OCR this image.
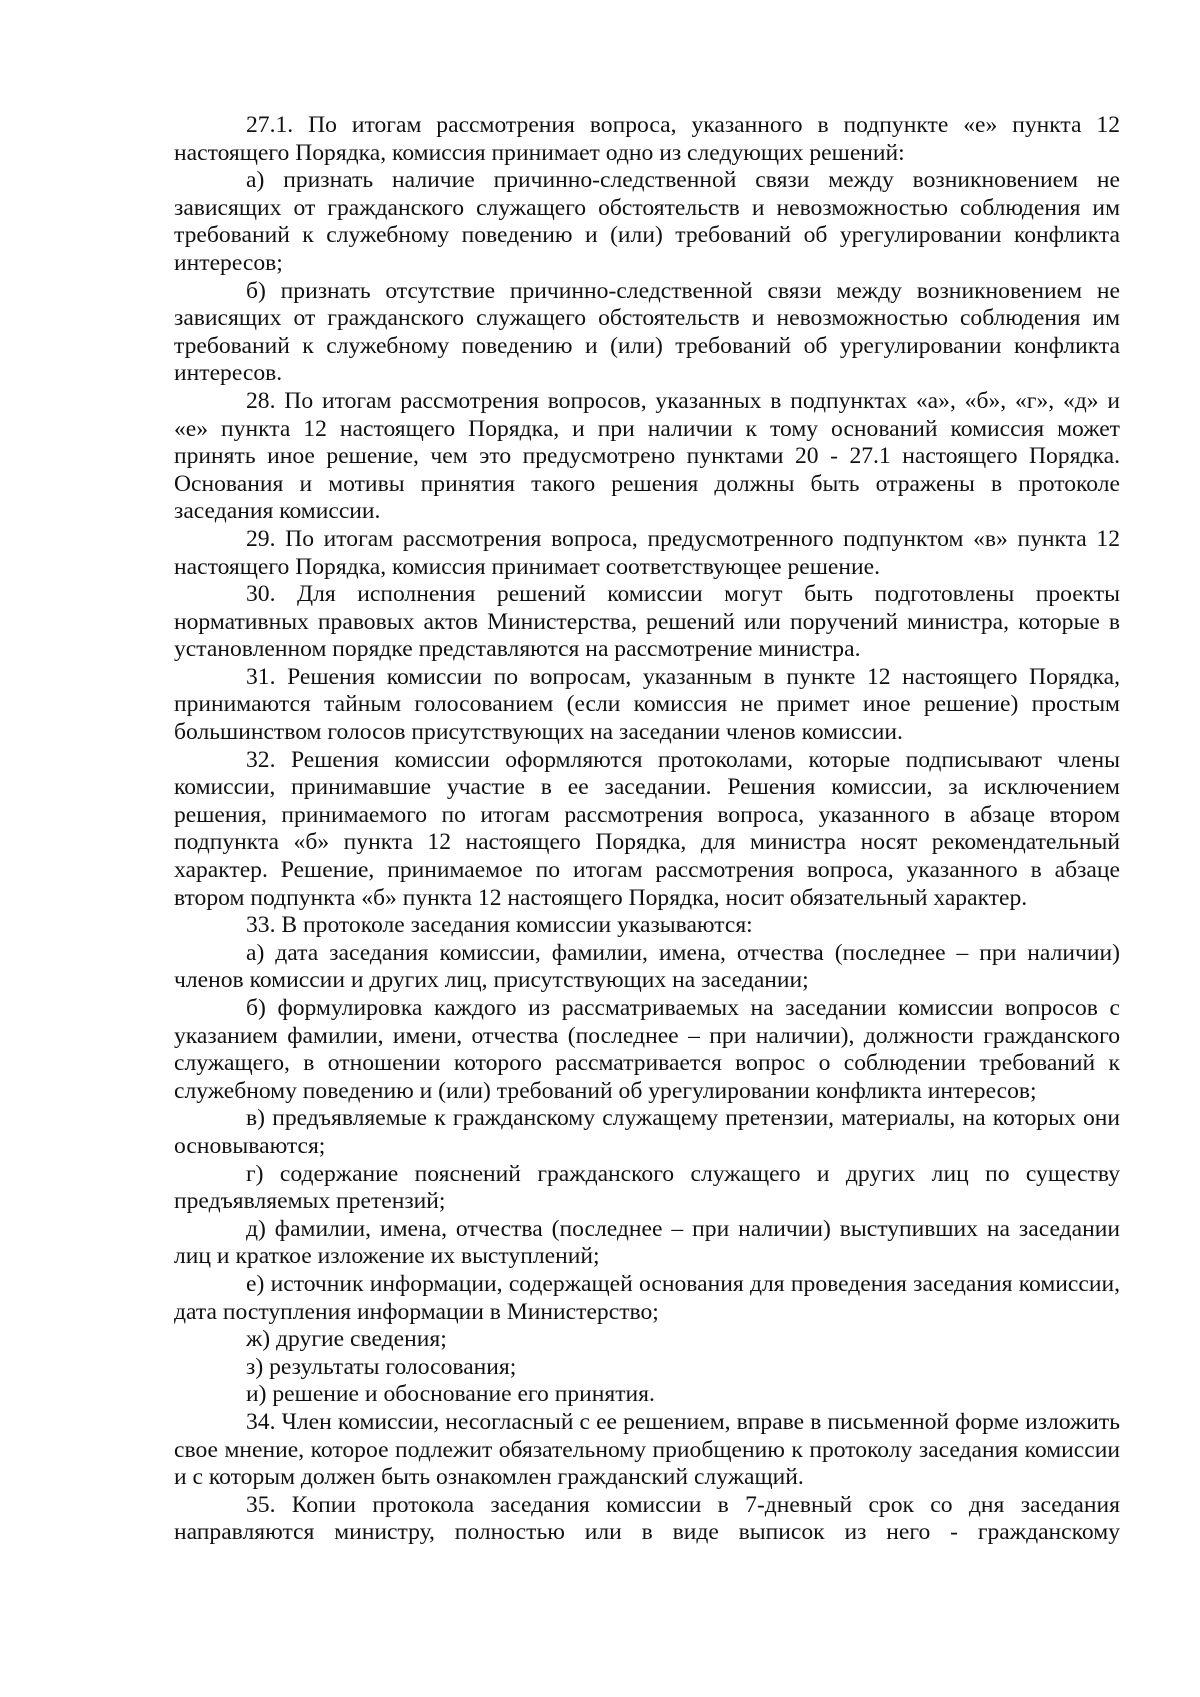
27.1. По итогам рассмотрения вопроса, указанного в подпункте «е» пункта 12 настоящего Порядка, комиссия принимает одно из следующих решений:

а) признать наличие причинно-следственной связи между возникновением не зависящих от гражданского служащего обстоятельств и невозможностью соблюдения им требований к служебному поведению и (или) требований об урегулировании конфликта интересов;

б) признать отсутствие причинно-следственной связи между возникновением не зависящих от гражданского служащего обстоятельств и невозможностью соблюдения им требований к служебному поведению и (или) требований об урегулировании конфликта интересов.

28. По итогам рассмотрения вопросов, указанных в подпунктах «а», «б», «г», «д» и «е» пункта 12 настоящего Порядка, и при наличии к тому оснований комиссия может принять иное решение, чем это предусмотрено пунктами 20 - 27.1 настоящего Порядка. Основания и мотивы принятия такого решения должны быть отражены в протоколе заседания комиссии.

29. По итогам рассмотрения вопроса, предусмотренного подпунктом «в» пункта 12 настоящего Порядка, комиссия принимает соответствующее решение.

30. Для исполнения решений комиссии могут быть подготовлены проекты нормативных правовых актов Министерства, решений или поручений министра, которые в установленном порядке представляются на рассмотрение министра.

31. Решения комиссии по вопросам, указанным в пункте 12 настоящего Порядка, принимаются тайным голосованием (если комиссия не примет иное решение) простым большинством голосов присутствующих на заседании членов комиссии.

32. Решения комиссии оформляются протоколами, которые подписывают члены комиссии, принимавшие участие в ее заседании. Решения комиссии, за исключением решения, принимаемого по итогам рассмотрения вопроса, указанного в абзаце втором подпункта «б» пункта 12 настоящего Порядка, для министра носят рекомендательный характер. Решение, принимаемое по итогам рассмотрения вопроса, указанного в абзаце втором подпункта «б» пункта 12 настоящего Порядка, носит обязательный характер.

33. В протоколе заседания комиссии указываются:

а) дата заседания комиссии, фамилии, имена, отчества (последнее – при наличии) членов комиссии и других лиц, присутствующих на заседании;

б) формулировка каждого из рассматриваемых на заседании комиссии вопросов с указанием фамилии, имени, отчества (последнее – при наличии), должности гражданского служащего, в отношении которого рассматривается вопрос о соблюдении требований к служебному поведению и (или) требований об урегулировании конфликта интересов;

в) предъявляемые к гражданскому служащему претензии, материалы, на которых они основываются;

г) содержание пояснений гражданского служащего и других лиц по существу предъявляемых претензий;

д) фамилии, имена, отчества (последнее – при наличии) выступивших на заседании лиц и краткое изложение их выступлений;

е) источник информации, содержащей основания для проведения заседания комиссии, дата поступления информации в Министерство;

ж) другие сведения;

з) результаты голосования;

и) решение и обоснование его принятия.

34. Член комиссии, несогласный с ее решением, вправе в письменной форме изложить свое мнение, которое подлежит обязательному приобщению к протоколу заседания комиссии и с которым должен быть ознакомлен гражданский служащий.

35. Копии протокола заседания комиссии в 7-дневный срок со дня заседания направляются министру, полностью или в виде выписок из него - гражданскому
